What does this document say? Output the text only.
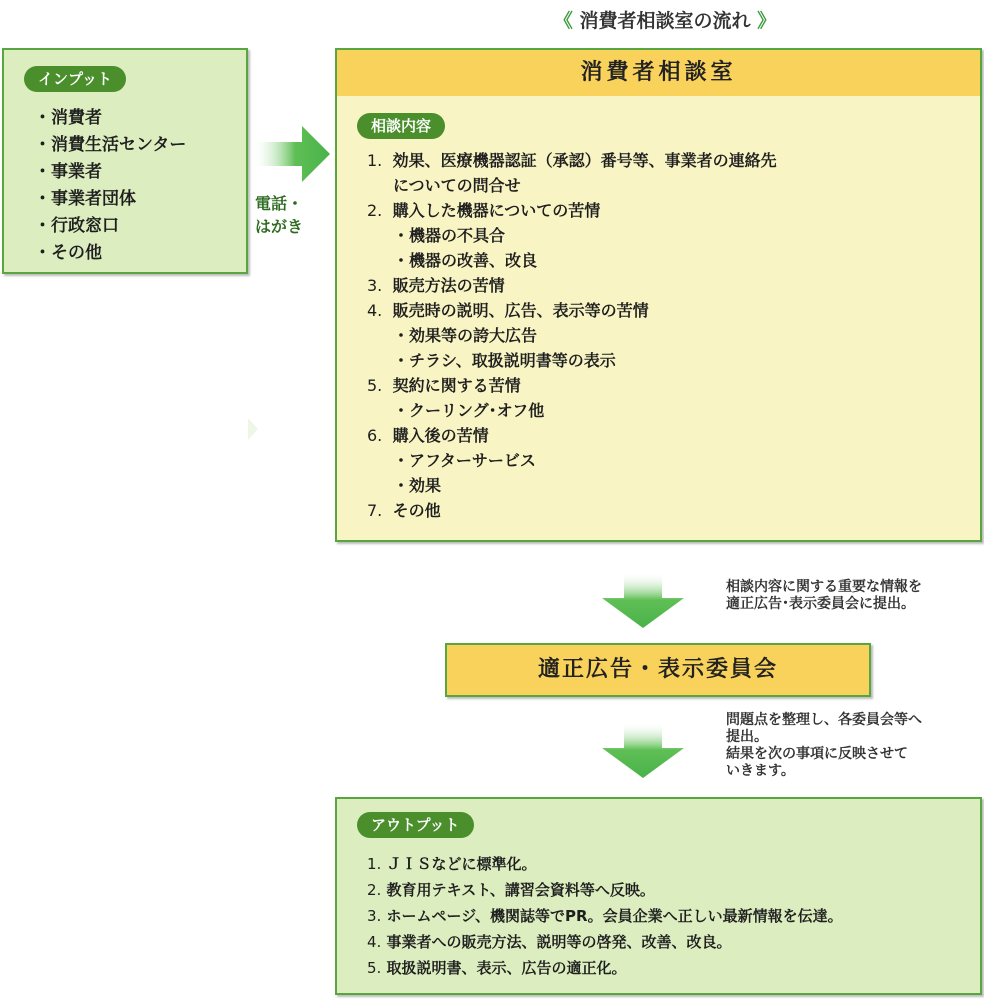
《 消費者相談室の流れ 》
インプット
・消費者
・消費生活センター
・事業者
・事業者団体
・行政窓口
・その他
電話・
はがき
消費者相談室
相談内容
1. 効果、医療機器認証（承認）番号等、事業者の連絡先
についての問合せ
2. 購入した機器についての苦情
・機器の不具合
・機器の改善、改良
3. 販売方法の苦情
4. 販売時の説明、広告、表示等の苦情
・効果等の誇大広告
・チラシ、取扱説明書等の表示
5. 契約に関する苦情
・クーリング･オフ他
6. 購入後の苦情
・アフターサービス
・効果
7. その他
相談内容に関する重要な情報を
適正広告･表示委員会に提出。
適正広告・表示委員会
問題点を整理し、各委員会等へ
提出。
結果を次の事項に反映させて
いきます。
アウトプット
1. ＪＩＳなどに標準化。
2. 教育用テキスト、講習会資料等へ反映。
3. ホームページ、機関誌等でPR。会員企業へ正しい最新情報を伝達。
4. 事業者への販売方法、説明等の啓発、改善、改良。
5. 取扱説明書、表示、広告の適正化。
